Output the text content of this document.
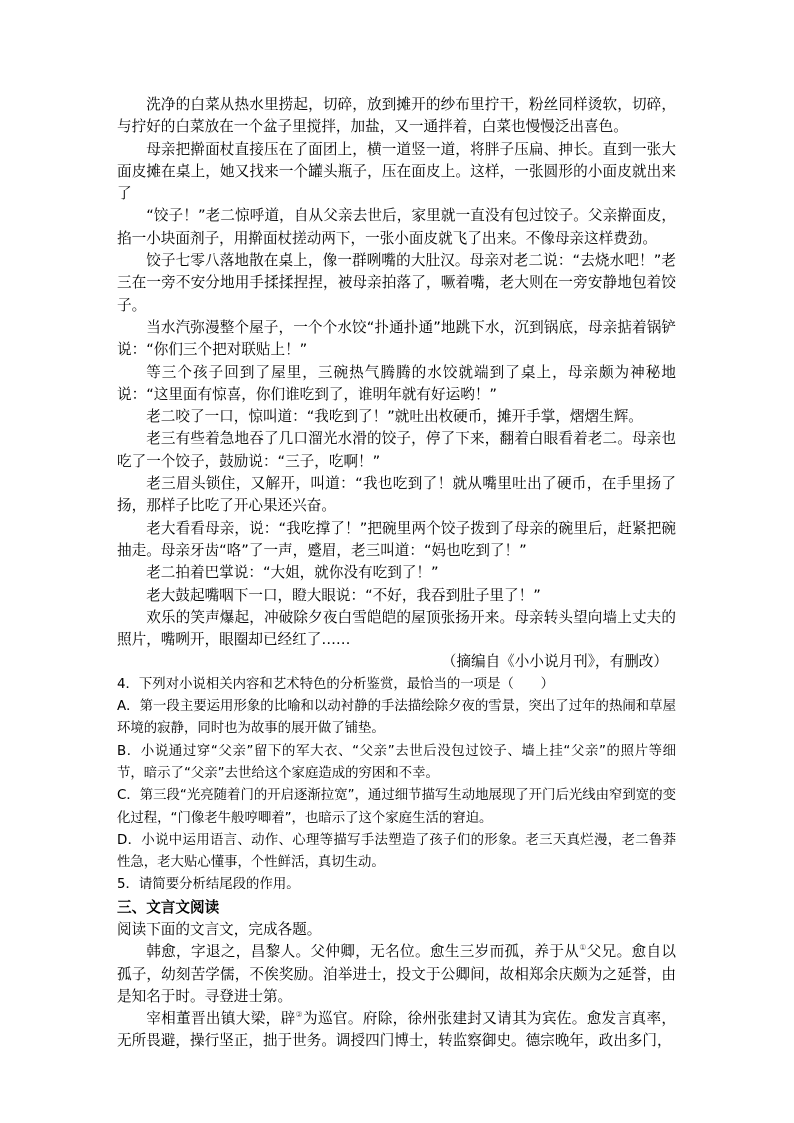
洗净的白菜从热水里捞起，切碎，放到摊开的纱布里拧干，粉丝同样烫软，切碎，与拧好的白菜放在一个盆子里搅拌，加盐，又一通拌着，白菜也慢慢泛出喜色。

母亲把擀面杖直接压在了面团上，横一道竖一道，将胖子压扁、抻长。直到一张大面皮摊在桌上，她又找来一个罐头瓶子，压在面皮上。这样，一张圆形的小面皮就出来了

“饺子！”老二惊呼道，自从父亲去世后，家里就一直没有包过饺子。父亲擀面皮，掐一小块面剂子，用擀面杖搓动两下，一张小面皮就飞了出来。不像母亲这样费劲。

饺子七零八落地散在桌上，像一群咧嘴的大肚汉。母亲对老二说：“去烧水吧！”老三在一旁不安分地用手揉揉捏捏，被母亲拍落了，噘着嘴，老大则在一旁安静地包着饺子。

当水汽弥漫整个屋子，一个个水饺“扑通扑通”地跳下水，沉到锅底，母亲掂着锅铲说：“你们三个把对联贴上！”

等三个孩子回到了屋里，三碗热气腾腾的水饺就端到了桌上，母亲颇为神秘地说：“这里面有惊喜，你们谁吃到了，谁明年就有好运哟！”

老二咬了一口，惊叫道：“我吃到了！”就吐出枚硬币，摊开手掌，熠熠生辉。

老三有些着急地吞了几口溜光水滑的饺子，停了下来，翻着白眼看着老二。母亲也吃了一个饺子，鼓励说：“三子，吃啊！”

老三眉头锁住，又解开，叫道：“我也吃到了！就从嘴里吐出了硬币，在手里扬了扬，那样子比吃了开心果还兴奋。

老大看看母亲，说：“我吃撑了！”把碗里两个饺子拨到了母亲的碗里后，赶紧把碗抽走。母亲牙齿“咯”了一声，蹙眉，老三叫道：“妈也吃到了！”

老二拍着巴掌说：“大姐，就你没有吃到了！”

老大鼓起嘴咽下一口，瞪大眼说：“不好，我吞到肚子里了！”

欢乐的笑声爆起，冲破除夕夜白雪皑皑的屋顶张扬开来。母亲转头望向墙上丈夫的照片，嘴咧开，眼圈却已经红了……

（摘编自《小小说月刊》，有删改）

4．下列对小说相关内容和艺术特色的分析鉴赏，最恰当的一项是（　　）

A．第一段主要运用形象的比喻和以动衬静的手法描绘除夕夜的雪景，突出了过年的热闹和草屋环境的寂静，同时也为故事的展开做了铺垫。

B．小说通过穿“父亲”留下的军大衣、“父亲”去世后没包过饺子、墙上挂“父亲”的照片等细节，暗示了“父亲”去世给这个家庭造成的穷困和不幸。

C．第三段“光亮随着门的开启逐渐拉宽”，通过细节描写生动地展现了开门后光线由窄到宽的变化过程，“门像老牛般哼唧着”，也暗示了这个家庭生活的窘迫。

D．小说中运用语言、动作、心理等描写手法塑造了孩子们的形象。老三天真烂漫，老二鲁莽性急，老大贴心懂事，个性鲜活，真切生动。

5．请简要分析结尾段的作用。

三、文言文阅读

阅读下面的文言文，完成各题。

韩愈，字退之，昌黎人。父仲卿，无名位。愈生三岁而孤，养于从①父兄。愈自以孤子，幼刻苦学儒，不俟奖励。洎举进士，投文于公卿间，故相郑余庆颇为之延誉，由是知名于时。寻登进士第。

宰相董晋出镇大梁，辟②为巡官。府除，徐州张建封又请其为宾佐。愈发言真率，无所畏避，操行坚正，拙于世务。调授四门博士，转监察御史。德宗晚年，政出多门，
